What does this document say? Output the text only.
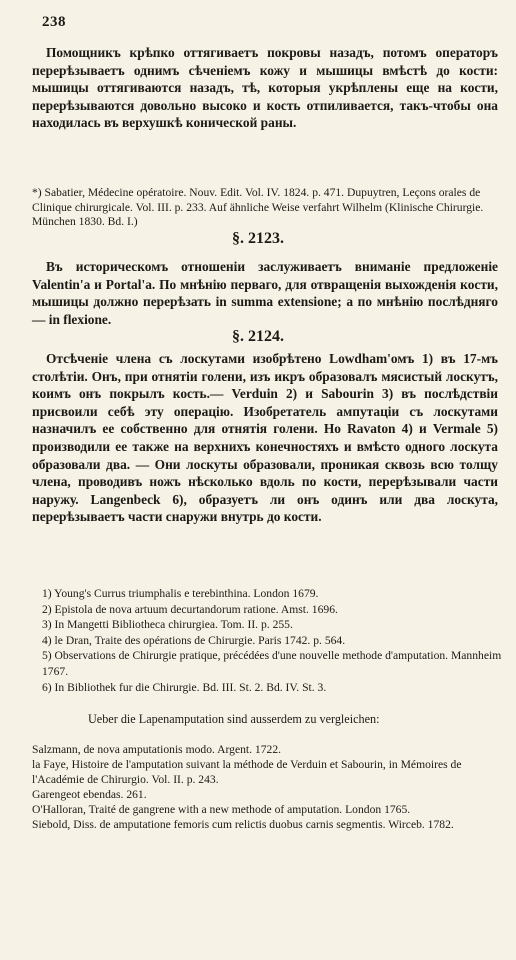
238

Помощникъ крѣпко оттягиваетъ покровы назадъ, потомъ операторъ перерѣзываетъ однимъ сѣченiемъ кожу и мышицы вмѣстѣ до кости: мышицы оттягиваются назадъ, тѣ, которыя укрѣплены еще на кости, перерѣзываются довольно высоко и кость отпиливается, такъ-чтобы она находилась въ верхушкѣ коническoй раны.

*) Sabatier, Médecine opératoire. Nouv. Edit. Vol. IV. 1824. p. 471. Dupuytren, Leçons orales de Clinique chirurgicale. Vol. III. p. 233. Auf ähnliche Weise verfahrt Wilhelm (Klinische Chirurgie. München 1830. Bd. I.)

§. 2123.

Въ историческомъ отношенiи заслуживаетъ вниманiе предложенiе Valentin'а и Portal'а. По мнѣнiю перваго, для отвращенiя выхожденiя кости, мышицы должно перерѣзать in summa extensione; а по мнѣнiю послѣдняго — in flexione.

§. 2124.

Отсѣченiе члена съ лоскутами изобрѣтено Lowdham'омъ 1) въ 17-мъ столѣтiи. Онъ, при отнятiи голени, изъ икръ образовалъ мясистый лоскутъ, коимъ онъ покрылъ кость.— Verduin 2) и Sabourin 3) въ послѣдствiи присвоили себѣ эту операцiю. Изобретатель ампутацiи съ лоскутами назначилъ ее собственно для отнятiя голени. Но Ravaton 4) и Vermale 5) производили ее также на верхнихъ конечностяхъ и вмѣсто одного лоскута образовали два. — Они лоскуты образовали, проникая сквозь всю толщу члена, проводивъ ножъ нѣсколько вдоль по кости, перерѣзывали части наружу. Langenbeck 6), образуетъ ли онъ одинъ или два лоскута, перерѣзываетъ части снаружи внутрь до кости.

1) Young's Currus triumphalis e terebinthina. London 1679.
2) Epistola de nova artuum decurtandorum ratione. Amst. 1696.
3) In Mangetti Bibliotheca chirurgiea. Tom. II. p. 255.
4) le Dran, Traite des opérations de Chirurgie. Paris 1742. p. 564.
5) Observations de Chirurgie pratique, précédées d'une nouvelle methode d'amputation. Mannheim 1767.
6) In Bibliothek fur die Chirurgie. Bd. III. St. 2. Bd. IV. St. 3.
Ueber die Lapenamputation sind ausserdem zu vergleichen:

Salzmann, de nova amputationis modo. Argent. 1722.

la Faye, Histoire de l'amputation suivant la méthode de Verduin et Sabourin, in Mémoires de l'Académie de Chirurgio. Vol. II. p. 243.

Garengeot ebendas. 261.

O'Halloran, Traité de gangrene with a new methode of amputation. London 1765.

Siebold, Diss. de amputatione femoris cum relictis duobus carnis segmentis. Wirceb. 1782.
